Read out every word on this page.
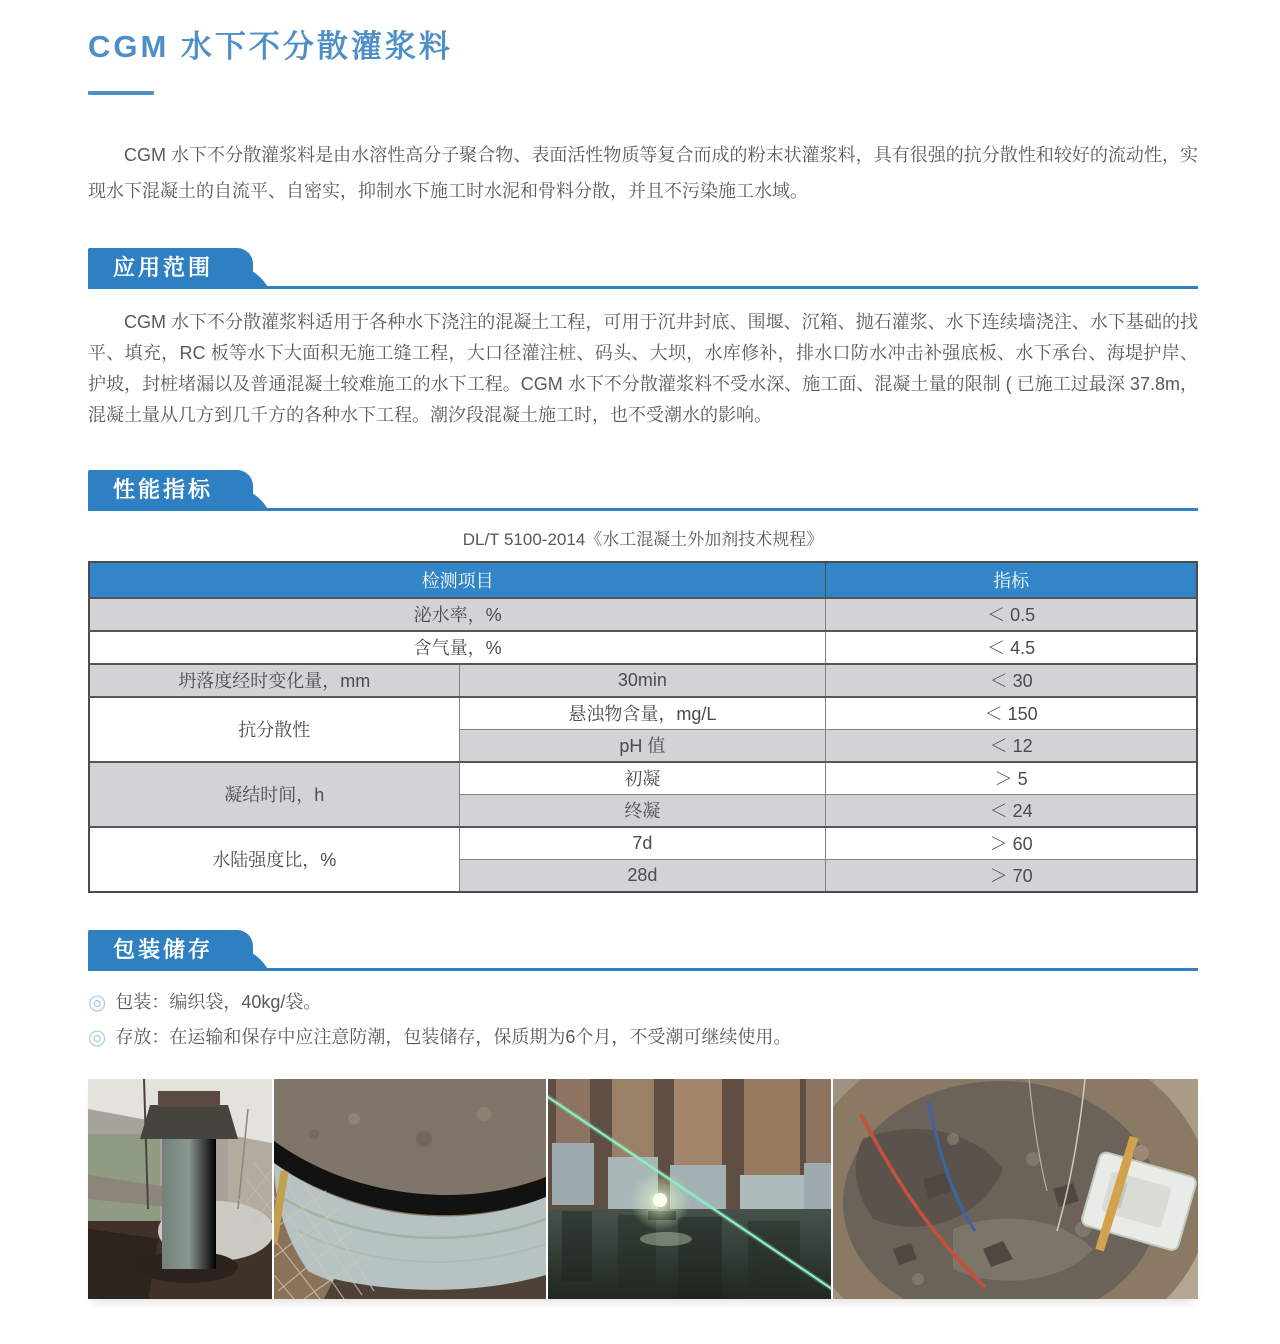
CGM 水下不分散灌浆料

CGM 水下不分散灌浆料是由水溶性高分子聚合物、表面活性物质等复合而成的粉末状灌浆料，具有很强的抗分散性和较好的流动性，实现水下混凝土的自流平、自密实，抑制水下施工时水泥和骨料分散，并且不污染施工水域。

应用范围

CGM 水下不分散灌浆料适用于各种水下浇注的混凝土工程，可用于沉井封底、围堰、沉箱、抛石灌浆、水下连续墙浇注、水下基础的找平、填充，RC 板等水下大面积无施工缝工程，大口径灌注桩、码头、大坝，水库修补，排水口防水冲击补强底板、水下承台、海堤护岸、护坡，封桩堵漏以及普通混凝土较难施工的水下工程。CGM 水下不分散灌浆料不受水深、施工面、混凝土量的限制 ( 已施工过最深 37.8m，混凝土量从几方到几千方的各种水下工程。潮汐段混凝土施工时，也不受潮水的影响。

性能指标
DL/T 5100-2014《水工混凝土外加剂技术规程》
检测项目		指标
泌水率，%		＜ 0.5
含气量，%		＜ 4.5
坍落度经时变化量，mm	30min	＜ 30
抗分散性	悬浊物含量，mg/L	＜ 150
	pH 值	＜ 12
凝结时间，h	初凝	＞ 5
	终凝	＜ 24
水陆强度比，%	7d	＞ 60
	28d	＞ 70
包装储存
◎ 包装：编织袋，40kg/袋。
◎ 存放：在运输和保存中应注意防潮，包装储存，保质期为6个月，不受潮可继续使用。
